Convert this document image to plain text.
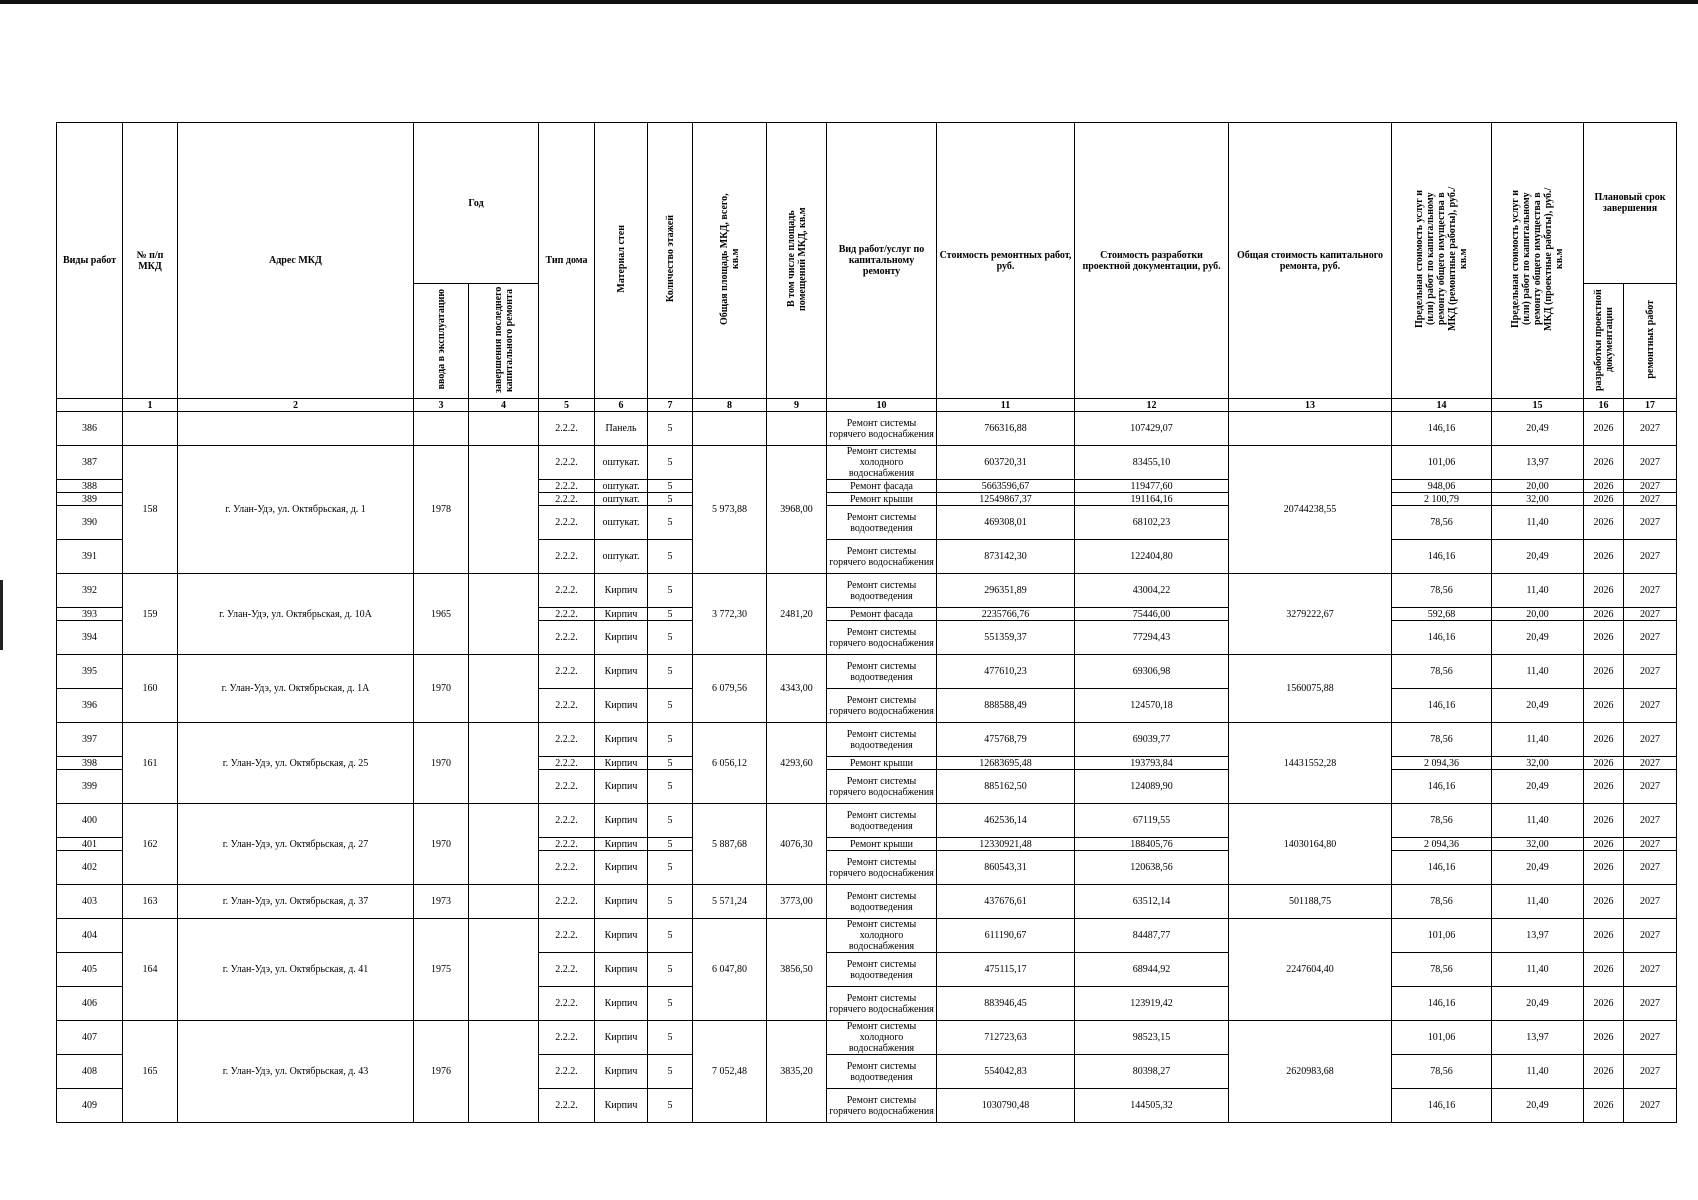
Виды работ	№ п/п МКД	Адрес МКД	Год		Тип дома	Материал стен	Количество этажей	Общая площадь МКД, всего, кв.м	В том числе площадь помещений МКД, кв.м	Вид работ/услуг по капитальному ремонту	Стоимость ремонтных работ, руб.	Стоимость разработки проектной документации, руб.	Общая стоимость капитального ремонта, руб.	Предельная стоимость услуг и (или) работ по капитальному ремонту общего имущества в МКД (ремонтные работы), руб./кв.м	Предельная стоимость услуг и (или) работ по капитальному ремонту общего имущества в МКД (проектные работы), руб./кв.м	Плановый срок завершения	
			ввода в эксплуатацию	завершения последнего капитального ремонта												разработки проектной документации	ремонтных работ
	1	2	3	4	5	6	7	8	9	10	11	12	13	14	15	16	17
386					2.2.2.	Панель	5			Ремонт системы горячего водоснабжения	766316,88	107429,07		146,16	20,49	2026	2027
387	158	г. Улан-Удэ, ул. Октябрьская, д. 1	1978		2.2.2.	оштукат.	5	5 973,88	3968,00	Ремонт системы холодного водоснабжения	603720,31	83455,10	20744238,55	101,06	13,97	2026	2027
388					2.2.2.	оштукат.	5			Ремонт фасада	5663596,67	119477,60		948,06	20,00	2026	2027
389					2.2.2.	оштукат.	5			Ремонт крыши	12549867,37	191164,16		2 100,79	32,00	2026	2027
390					2.2.2.	оштукат.	5			Ремонт системы водоотведения	469308,01	68102,23		78,56	11,40	2026	2027
391					2.2.2.	оштукат.	5			Ремонт системы горячего водоснабжения	873142,30	122404,80		146,16	20,49	2026	2027
392	159	г. Улан-Удэ, ул. Октябрьская, д. 10А	1965		2.2.2.	Кирпич	5	3 772,30	2481,20	Ремонт системы водоотведения	296351,89	43004,22	3279222,67	78,56	11,40	2026	2027
393					2.2.2.	Кирпич	5			Ремонт фасада	2235766,76	75446,00		592,68	20,00	2026	2027
394					2.2.2.	Кирпич	5			Ремонт системы горячего водоснабжения	551359,37	77294,43		146,16	20,49	2026	2027
395	160	г. Улан-Удэ, ул. Октябрьская, д. 1А	1970		2.2.2.	Кирпич	5	6 079,56	4343,00	Ремонт системы водоотведения	477610,23	69306,98	1560075,88	78,56	11,40	2026	2027
396					2.2.2.	Кирпич	5			Ремонт системы горячего водоснабжения	888588,49	124570,18		146,16	20,49	2026	2027
397	161	г. Улан-Удэ, ул. Октябрьская, д. 25	1970		2.2.2.	Кирпич	5	6 056,12	4293,60	Ремонт системы водоотведения	475768,79	69039,77	14431552,28	78,56	11,40	2026	2027
398					2.2.2.	Кирпич	5			Ремонт крыши	12683695,48	193793,84		2 094,36	32,00	2026	2027
399					2.2.2.	Кирпич	5			Ремонт системы горячего водоснабжения	885162,50	124089,90		146,16	20,49	2026	2027
400	162	г. Улан-Удэ, ул. Октябрьская, д. 27	1970		2.2.2.	Кирпич	5	5 887,68	4076,30	Ремонт системы водоотведения	462536,14	67119,55	14030164,80	78,56	11,40	2026	2027
401					2.2.2.	Кирпич	5			Ремонт крыши	12330921,48	188405,76		2 094,36	32,00	2026	2027
402					2.2.2.	Кирпич	5			Ремонт системы горячего водоснабжения	860543,31	120638,56		146,16	20,49	2026	2027
403	163	г. Улан-Удэ, ул. Октябрьская, д. 37	1973		2.2.2.	Кирпич	5	5 571,24	3773,00	Ремонт системы водоотведения	437676,61	63512,14	501188,75	78,56	11,40	2026	2027
404	164	г. Улан-Удэ, ул. Октябрьская, д. 41	1975		2.2.2.	Кирпич	5	6 047,80	3856,50	Ремонт системы холодного водоснабжения	611190,67	84487,77	2247604,40	101,06	13,97	2026	2027
405					2.2.2.	Кирпич	5			Ремонт системы водоотведения	475115,17	68944,92		78,56	11,40	2026	2027
406					2.2.2.	Кирпич	5			Ремонт системы горячего водоснабжения	883946,45	123919,42		146,16	20,49	2026	2027
407	165	г. Улан-Удэ, ул. Октябрьская, д. 43	1976		2.2.2.	Кирпич	5	7 052,48	3835,20	Ремонт системы холодного водоснабжения	712723,63	98523,15	2620983,68	101,06	13,97	2026	2027
408					2.2.2.	Кирпич	5			Ремонт системы водоотведения	554042,83	80398,27		78,56	11,40	2026	2027
409					2.2.2.	Кирпич	5			Ремонт системы горячего водоснабжения	1030790,48	144505,32		146,16	20,49	2026	2027
